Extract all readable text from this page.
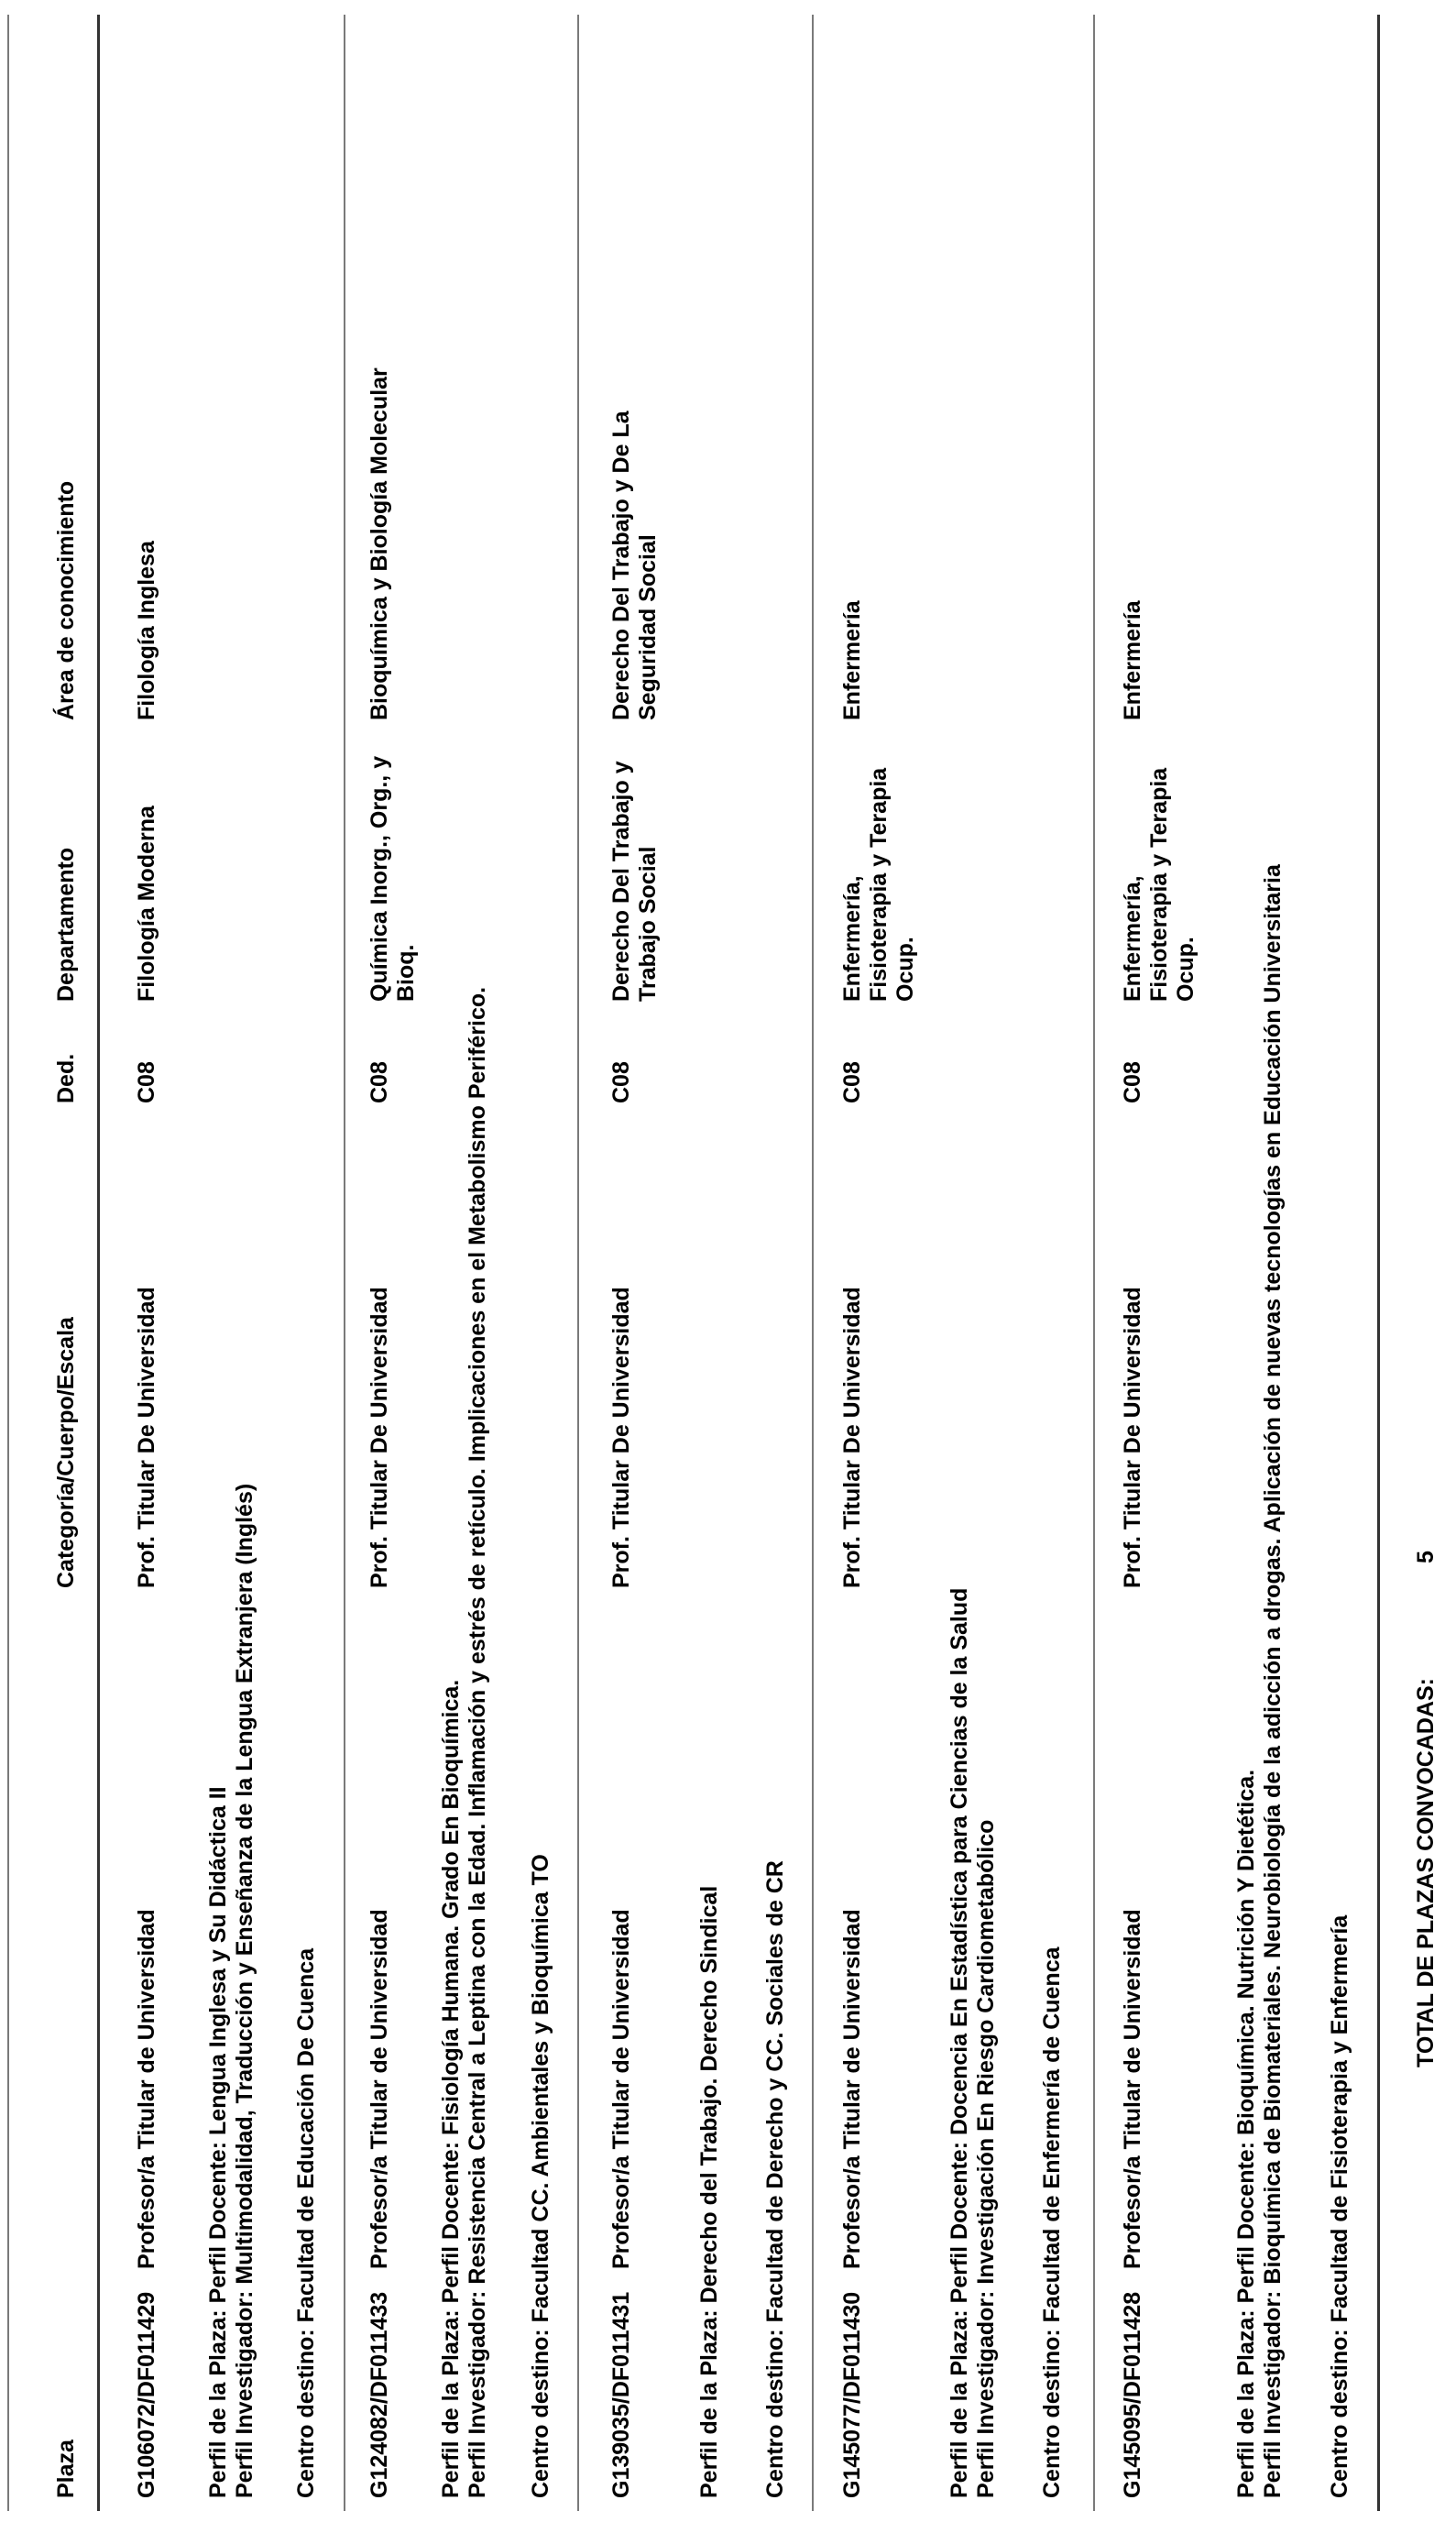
Plaza
Categoría/Cuerpo/Escala
Ded.
Departamento
Área de conocimiento
G106072/DF011429
Profesor/a Titular de Universidad
Prof. Titular De Universidad
C08
Filología Moderna
Filología Inglesa
Perfil de la Plaza: Perfil Docente: Lengua Inglesa y Su Didáctica II Perfil Investigador: Multimodalidad, Traducción y Enseñanza de la Lengua Extranjera (Inglés) Centro destino: Facultad de Educación De Cuenca G124082/DF011433
Profesor/a Titular de Universidad
Prof. Titular De Universidad
C08
Química Inorg., Org., y Bioq.
Bioquímica y Biología Molecular
Perfil de la Plaza: Perfil Docente: Fisiología Humana. Grado En Bioquímica. Perfil Investigador: Resistencia Central a Leptina con la Edad. Inflamación y estrés de retículo. Implicaciones en el Metabolismo Periférico. Centro destino: Facultad CC. Ambientales y Bioquímica TO G139035/DF011431
Profesor/a Titular de Universidad
Prof. Titular De Universidad
C08
Derecho Del Trabajo y Trabajo Social
Derecho Del Trabajo y De La Seguridad Social
Perfil de la Plaza: Derecho del Trabajo. Derecho Sindical Centro destino: Facultad de Derecho y CC. Sociales de CR G145077/DF011430
Profesor/a Titular de Universidad
Prof. Titular De Universidad
C08
Enfermería, Fisioterapia y Terapia Ocup.
Enfermería
Perfil de la Plaza: Perfil Docente: Docencia En Estadística para Ciencias de la Salud Perfil Investigador: Investigación En Riesgo Cardiometabólico Centro destino: Facultad de Enfermería de Cuenca G145095/DF011428
Profesor/a Titular de Universidad
Prof. Titular De Universidad
C08
Enfermería, Fisioterapia y Terapia Ocup.
Enfermería
Perfil de la Plaza: Perfil Docente: Bioquímica. Nutrición Y Dietética. Perfil Investigador: Bioquímica de Biomateriales. Neurobiología de la adicción a drogas. Aplicación de nuevas tecnologías en Educación Universitaria Centro destino: Facultad de Fisioterapia y Enfermería
TOTAL DE PLAZAS CONVOCADAS:
5
